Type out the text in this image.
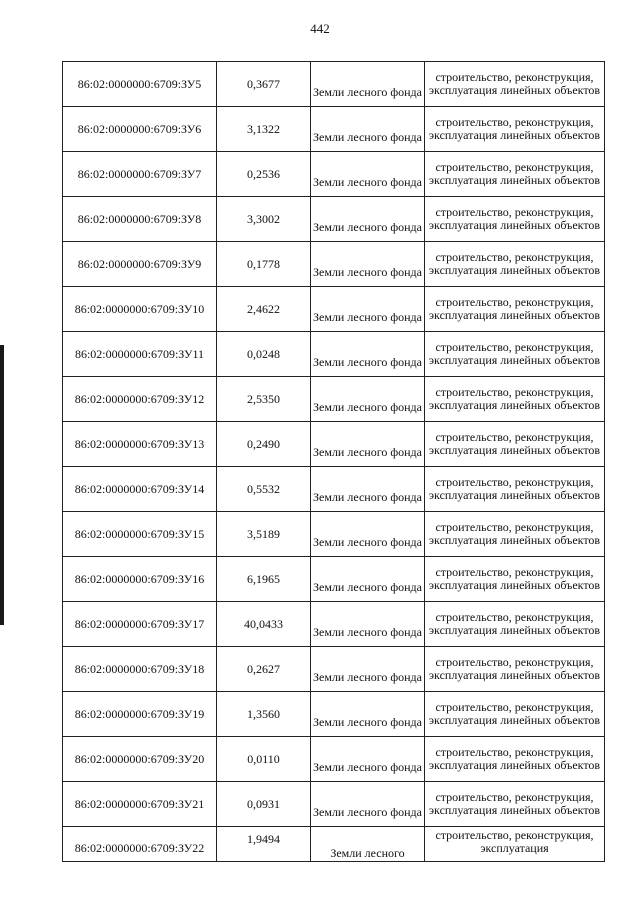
442
86:02:0000000:6709:ЗУ5	0,3677	Земли лесного фонда	строительство, реконструкция, эксплуатация линейных объектов
86:02:0000000:6709:ЗУ6	3,1322	Земли лесного фонда	строительство, реконструкция, эксплуатация линейных объектов
86:02:0000000:6709:ЗУ7	0,2536	Земли лесного фонда	строительство, реконструкция, эксплуатация линейных объектов
86:02:0000000:6709:ЗУ8	3,3002	Земли лесного фонда	строительство, реконструкция, эксплуатация линейных объектов
86:02:0000000:6709:ЗУ9	0,1778	Земли лесного фонда	строительство, реконструкция, эксплуатация линейных объектов
86:02:0000000:6709:ЗУ10	2,4622	Земли лесного фонда	строительство, реконструкция, эксплуатация линейных объектов
86:02:0000000:6709:ЗУ11	0,0248	Земли лесного фонда	строительство, реконструкция, эксплуатация линейных объектов
86:02:0000000:6709:ЗУ12	2,5350	Земли лесного фонда	строительство, реконструкция, эксплуатация линейных объектов
86:02:0000000:6709:ЗУ13	0,2490	Земли лесного фонда	строительство, реконструкция, эксплуатация линейных объектов
86:02:0000000:6709:ЗУ14	0,5532	Земли лесного фонда	строительство, реконструкция, эксплуатация линейных объектов
86:02:0000000:6709:ЗУ15	3,5189	Земли лесного фонда	строительство, реконструкция, эксплуатация линейных объектов
86:02:0000000:6709:ЗУ16	6,1965	Земли лесного фонда	строительство, реконструкция, эксплуатация линейных объектов
86:02:0000000:6709:ЗУ17	40,0433	Земли лесного фонда	строительство, реконструкция, эксплуатация линейных объектов
86:02:0000000:6709:ЗУ18	0,2627	Земли лесного фонда	строительство, реконструкция, эксплуатация линейных объектов
86:02:0000000:6709:ЗУ19	1,3560	Земли лесного фонда	строительство, реконструкция, эксплуатация линейных объектов
86:02:0000000:6709:ЗУ20	0,0110	Земли лесного фонда	строительство, реконструкция, эксплуатация линейных объектов
86:02:0000000:6709:ЗУ21	0,0931	Земли лесного фонда	строительство, реконструкция, эксплуатация линейных объектов

86:02:0000000:6709:ЗУ22	1,9494	Земли лесного	строительство, реконструкция, эксплуатация
